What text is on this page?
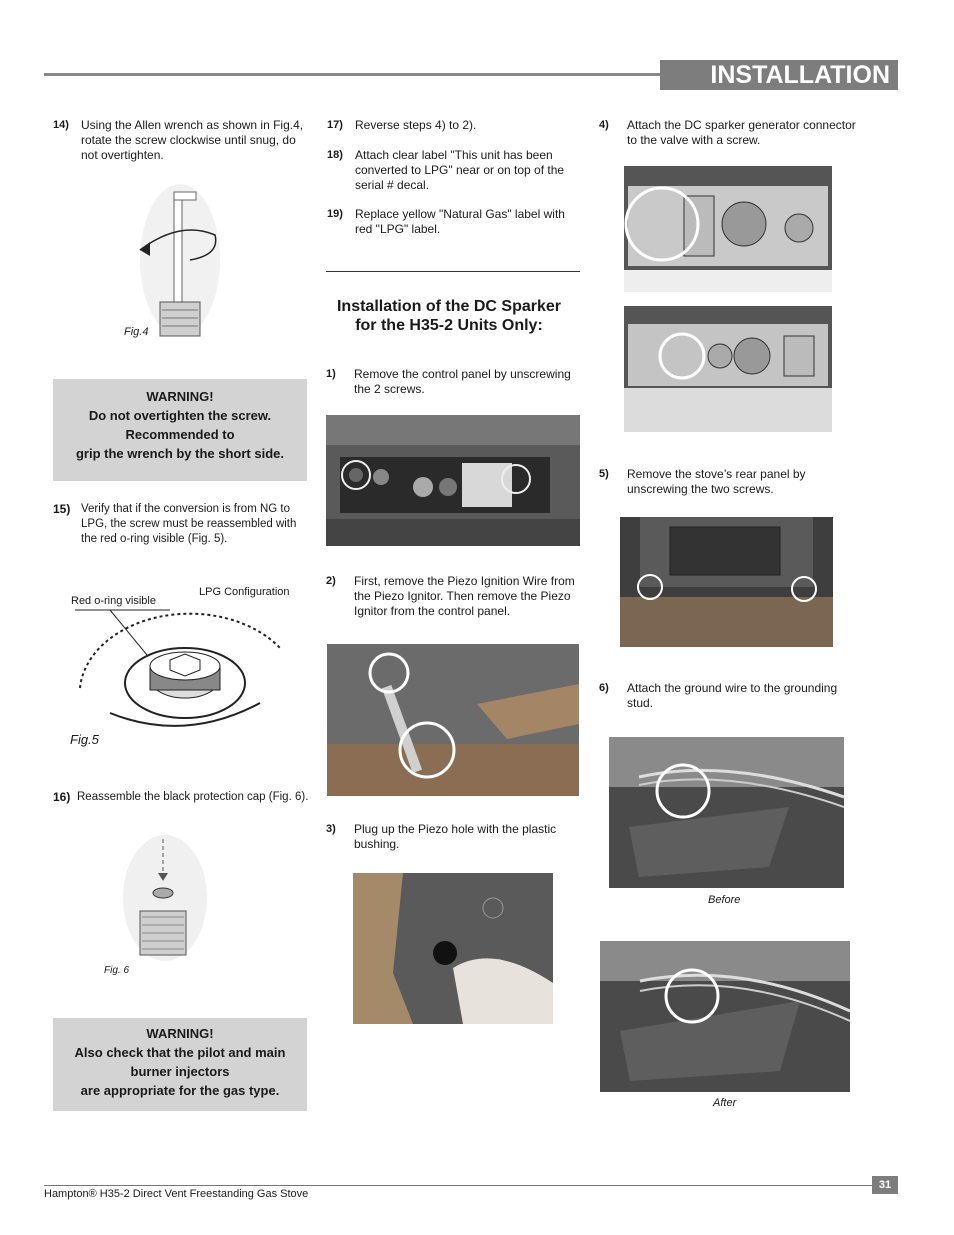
INSTALLATION
14) Using the Allen wrench as shown in Fig.4, rotate the screw clockwise until snug, do not overtighten.
Fig.4
WARNING!
Do not overtighten the screw.
Recommended to
grip the wrench by the short side.
15) Verify that if the conversion is from NG to LPG, the screw must be reassembled with the red o-ring visible (Fig. 5).
LPG Configuration
Red o-ring visible
Fig.5
16) Reassemble the black protection cap (Fig. 6).
Fig. 6
WARNING!
Also check that the pilot and main
burner injectors
are appropriate for the gas type.
17) Reverse steps 4) to 2).
18) Attach clear label "This unit has been converted to LPG" near or on top of the serial # decal.
19) Replace yellow "Natural Gas" label with red "LPG" label.
Installation of the DC Sparker for the H35-2 Units Only:
1) Remove the control panel by unscrewing the 2 screws.
2) First, remove the Piezo Ignition Wire from the Piezo Ignitor. Then remove the Piezo Ignitor from the control panel.
3) Plug up the Piezo hole with the plastic bushing.
4) Attach the DC sparker generator connector to the valve with a screw.
5) Remove the stove’s rear panel by unscrewing the two screws.
6) Attach the ground wire to the grounding stud.
Before
After
31
Hampton® H35-2 Direct Vent Freestanding Gas Stove
